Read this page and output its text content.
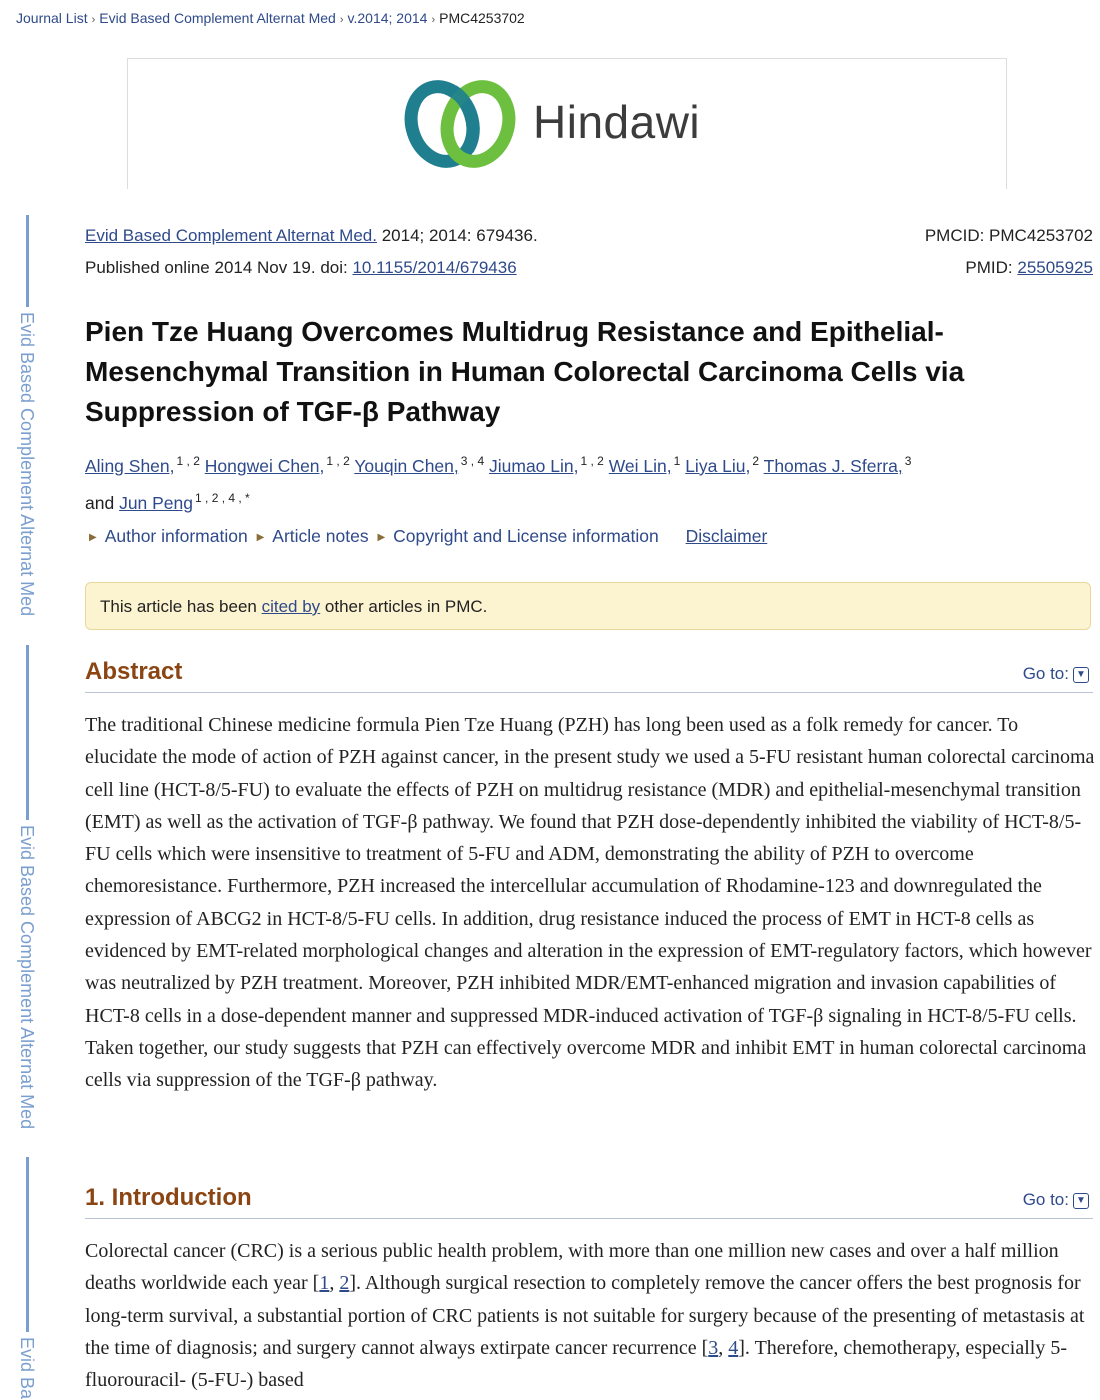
Journal List › Evid Based Complement Alternat Med › v.2014; 2014 › PMC4253702
Hindawi
Evid Based Complement Alternat Med
Evid Based Complement Alternat Med
Evid Ba
Evid Based Complement Alternat Med. 2014; 2014: 679436.
Published online 2014 Nov 19. doi: 10.1155/2014/679436
PMCID: PMC4253702
PMID: 25505925
Pien Tze Huang Overcomes Multidrug Resistance and Epithelial-Mesenchymal Transition in Human Colorectal Carcinoma Cells via Suppression of TGF-β Pathway
Aling Shen, $^{1 , 2}$ Hongwei Chen, $^{1 , 2}$ Youqin Chen, $^{3 , 4}$ Jiumao Lin, $^{1 , 2}$ Wei Lin, $^1$ Liya Liu, $^2$ Thomas J. Sferra, $^3$
and Jun Peng $^{1 , 2 , 4 , *}$
▶ Author information ▶ Article notes ▶ Copyright and License information Disclaimer
This article has been cited by other articles in PMC.
Abstract	Go to: ▼

The traditional Chinese medicine formula Pien Tze Huang (PZH) has long been used as a folk remedy for cancer. To elucidate the mode of action of PZH against cancer, in the present study we used a 5-FU resistant human colorectal carcinoma cell line (HCT-8/5-FU) to evaluate the effects of PZH on multidrug resistance (MDR) and epithelial-mesenchymal transition (EMT) as well as the activation of TGF-β pathway. We found that PZH dose-dependently inhibited the viability of HCT-8/5-FU cells which were insensitive to treatment of 5-FU and ADM, demonstrating the ability of PZH to overcome chemoresistance. Furthermore, PZH increased the intercellular accumulation of Rhodamine-123 and downregulated the expression of ABCG2 in HCT-8/5-FU cells. In addition, drug resistance induced the process of EMT in HCT-8 cells as evidenced by EMT-related morphological changes and alteration in the expression of EMT-regulatory factors, which however was neutralized by PZH treatment. Moreover, PZH inhibited MDR/EMT-enhanced migration and invasion capabilities of HCT-8 cells in a dose-dependent manner and suppressed MDR-induced activation of TGF-β signaling in HCT-8/5-FU cells. Taken together, our study suggests that PZH can effectively overcome MDR and inhibit EMT in human colorectal carcinoma cells via suppression of the TGF-β pathway.

1. Introduction	Go to: ▼

Colorectal cancer (CRC) is a serious public health problem, with more than one million new cases and over a half million deaths worldwide each year [1, 2]. Although surgical resection to completely remove the cancer offers the best prognosis for long-term survival, a substantial portion of CRC patients is not suitable for surgery because of the presenting of metastasis at the time of diagnosis; and surgery cannot always extirpate cancer recurrence [3, 4]. Therefore, chemotherapy, especially 5-fluorouracil- (5-FU-) based
